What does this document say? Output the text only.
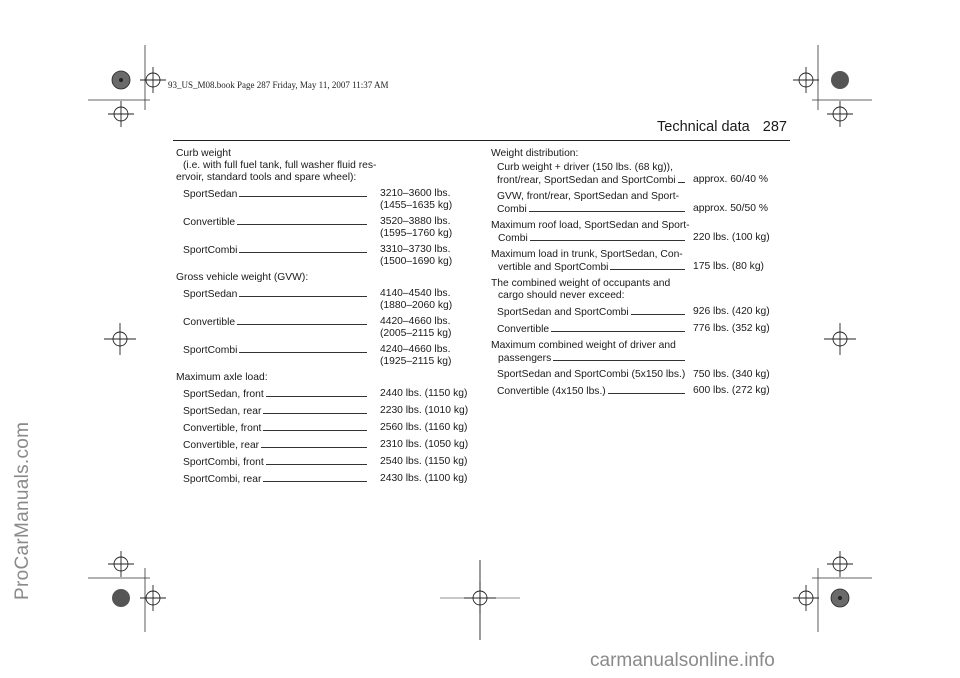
93_US_M08.book Page 287 Friday, May 11, 2007 11:37 AM
Technical data 287
Curb weight
(i.e. with full fuel tank, full washer fluid res-
ervoir, standard tools and spare wheel):
SportSedan	3210–3600 lbs.
(1455–1635 kg)
Convertible	3520–3880 lbs.
(1595–1760 kg)
SportCombi	3310–3730 lbs.
(1500–1690 kg)
Gross vehicle weight (GVW):
SportSedan	4140–4540 lbs.
(1880–2060 kg)
Convertible	4420–4660 lbs.
(2005–2115 kg)
SportCombi	4240–4660 lbs.
(1925–2115 kg)
Maximum axle load:
SportSedan, front	2440 lbs. (1150 kg)
SportSedan, rear	2230 lbs. (1010 kg)
Convertible, front	2560 lbs. (1160 kg)
Convertible, rear	2310 lbs. (1050 kg)
SportCombi, front	2540 lbs. (1150 kg)
SportCombi, rear	2430 lbs. (1100 kg)
Weight distribution:
Curb weight + driver (150 lbs. (68 kg)),
front/rear, SportSedan and SportCombi approx. 60/40 %
GVW, front/rear, SportSedan and Sport-
Combi	approx. 50/50 %
Maximum roof load, SportSedan and Sport-
Combi	220 lbs. (100 kg)
Maximum load in trunk, SportSedan, Con-
vertible and SportCombi	175 lbs. (80 kg)
The combined weight of occupants and
cargo should never exceed:
SportSedan and SportCombi	926 lbs. (420 kg)
Convertible	776 lbs. (352 kg)
Maximum combined weight of driver and
passengers
SportSedan and SportCombi (5x150 lbs.) 750 lbs. (340 kg)
Convertible (4x150 lbs.)	600 lbs. (272 kg)
ProCarManuals.com
carmanualsonline.info
